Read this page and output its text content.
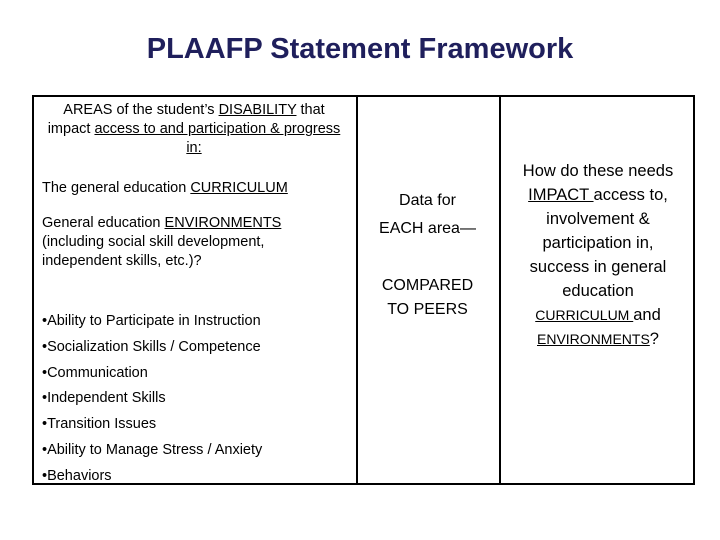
PLAAFP Statement Framework

AREAS of the student’s DISABILITY that impact access to and participation & progress in:

The general education CURRICULUM

General education ENVIRONMENTS (including social skill development, independent skills, etc.)?

•Ability to Participate in Instruction
•Socialization Skills / Competence
•Communication
•Independent Skills
•Transition Issues
•Ability to Manage Stress / Anxiety
•Behaviors

Data for

EACH area—

COMPARED TO PEERS

How do these needs

IMPACT access to, involvement & participation in, success in general education

CURRICULUM and
ENVIRONMENTS?
